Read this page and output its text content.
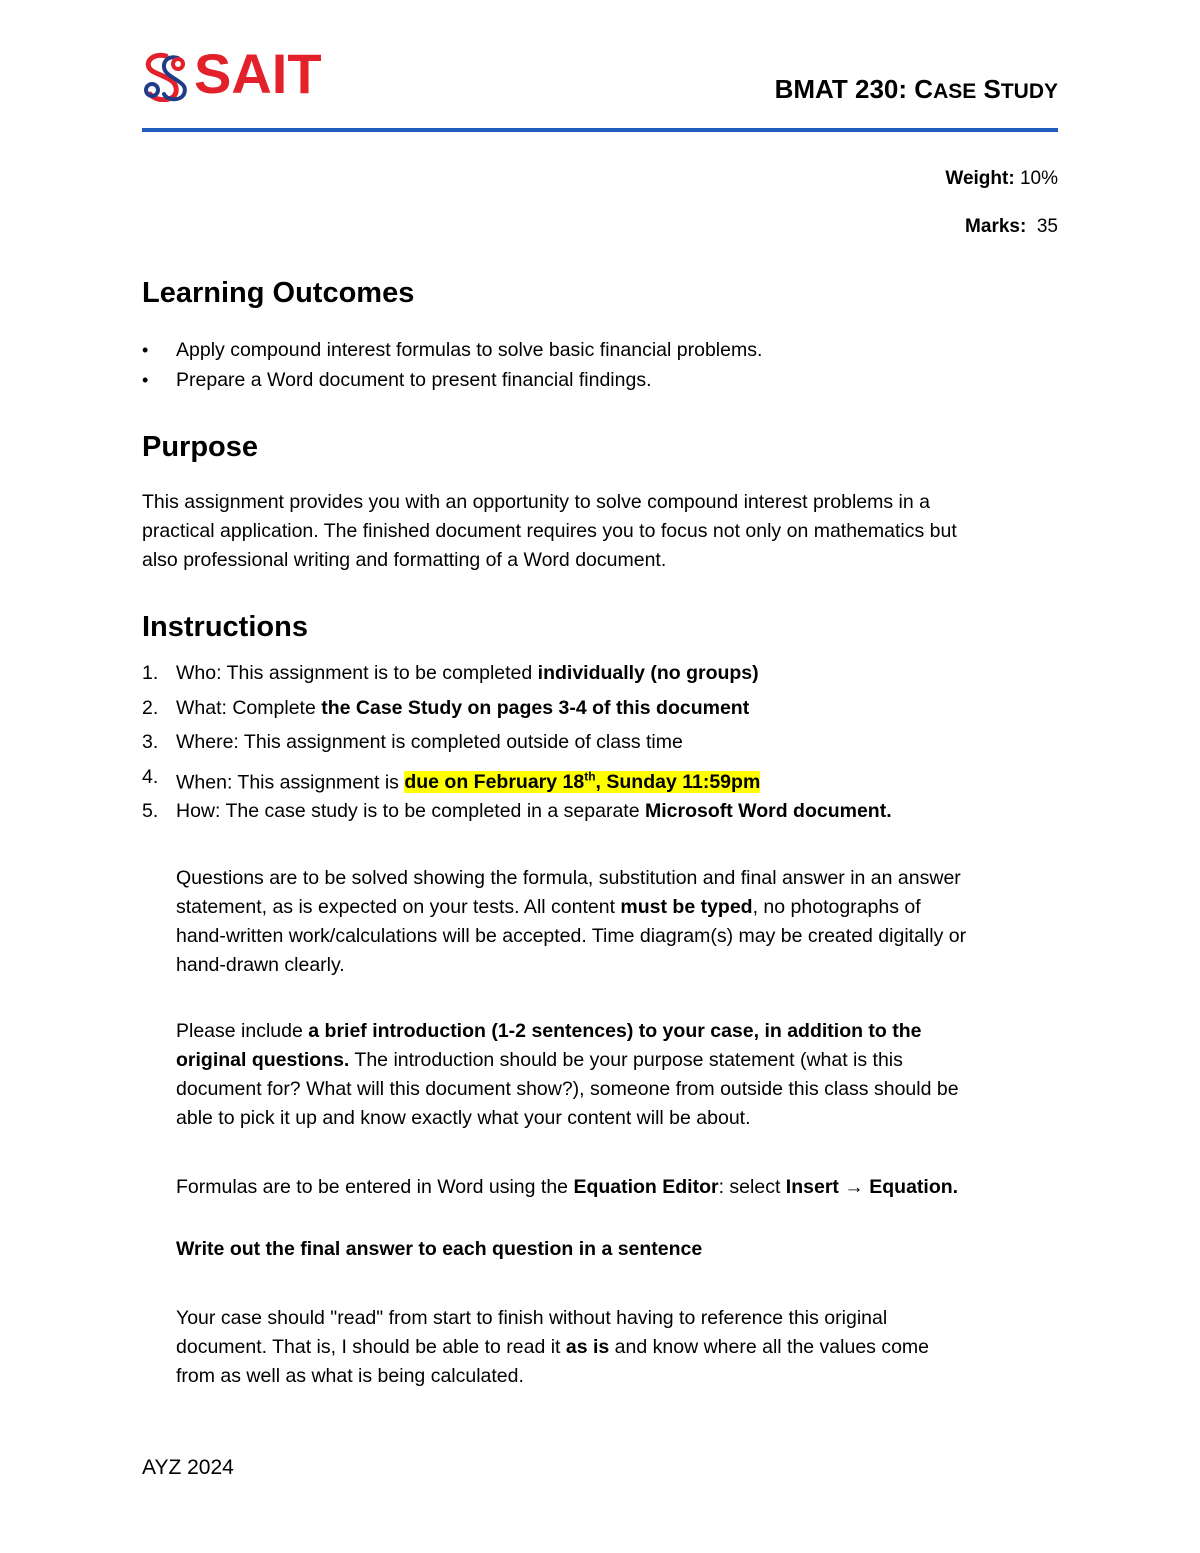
SAIT	BMAT 230: CASE STUDY
Weight: 10%
Marks: 35
Learning Outcomes
• Apply compound interest formulas to solve basic financial problems.
• Prepare a Word document to present financial findings.
Purpose
This assignment provides you with an opportunity to solve compound interest problems in a
practical application. The finished document requires you to focus not only on mathematics but
also professional writing and formatting of a Word document.
Instructions
1. Who: This assignment is to be completed individually (no groups)
2. What: Complete the Case Study on pages 3-4 of this document
3. Where: This assignment is completed outside of class time
4. When: This assignment is due on February 18th, Sunday 11:59pm
5. How: The case study is to be completed in a separate Microsoft Word document.
Questions are to be solved showing the formula, substitution and final answer in an answer
statement, as is expected on your tests. All content must be typed, no photographs of
hand-written work/calculations will be accepted. Time diagram(s) may be created digitally or
hand-drawn clearly.
Please include a brief introduction (1-2 sentences) to your case, in addition to the
original questions. The introduction should be your purpose statement (what is this
document for? What will this document show?), someone from outside this class should be
able to pick it up and know exactly what your content will be about.
Formulas are to be entered in Word using the Equation Editor: select Insert → Equation.
Write out the final answer to each question in a sentence
Your case should "read" from start to finish without having to reference this original
document. That is, I should be able to read it as is and know where all the values come
from as well as what is being calculated.
AYZ 2024
